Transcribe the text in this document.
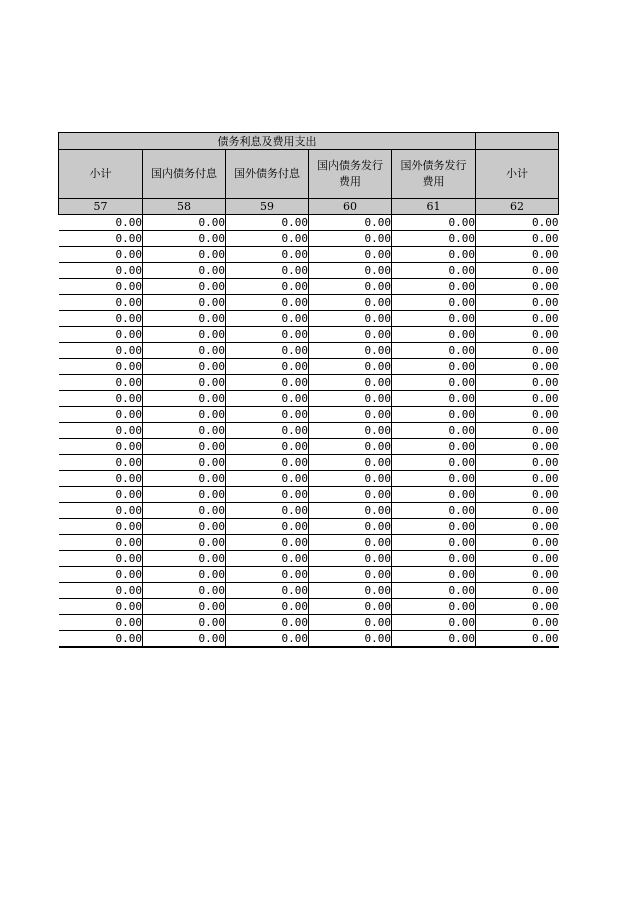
债务利息及费用支出					
小计	国内债务付息	国外债务付息	国内债务发行费用	国外债务发行费用	小计
57	58	59	60	61	62
0.00	0.00	0.00	0.00	0.00	0.00
0.00	0.00	0.00	0.00	0.00	0.00
0.00	0.00	0.00	0.00	0.00	0.00
0.00	0.00	0.00	0.00	0.00	0.00
0.00	0.00	0.00	0.00	0.00	0.00
0.00	0.00	0.00	0.00	0.00	0.00
0.00	0.00	0.00	0.00	0.00	0.00
0.00	0.00	0.00	0.00	0.00	0.00
0.00	0.00	0.00	0.00	0.00	0.00
0.00	0.00	0.00	0.00	0.00	0.00
0.00	0.00	0.00	0.00	0.00	0.00
0.00	0.00	0.00	0.00	0.00	0.00
0.00	0.00	0.00	0.00	0.00	0.00
0.00	0.00	0.00	0.00	0.00	0.00
0.00	0.00	0.00	0.00	0.00	0.00
0.00	0.00	0.00	0.00	0.00	0.00
0.00	0.00	0.00	0.00	0.00	0.00
0.00	0.00	0.00	0.00	0.00	0.00
0.00	0.00	0.00	0.00	0.00	0.00
0.00	0.00	0.00	0.00	0.00	0.00
0.00	0.00	0.00	0.00	0.00	0.00
0.00	0.00	0.00	0.00	0.00	0.00
0.00	0.00	0.00	0.00	0.00	0.00
0.00	0.00	0.00	0.00	0.00	0.00
0.00	0.00	0.00	0.00	0.00	0.00
0.00	0.00	0.00	0.00	0.00	0.00
0.00	0.00	0.00	0.00	0.00	0.00
